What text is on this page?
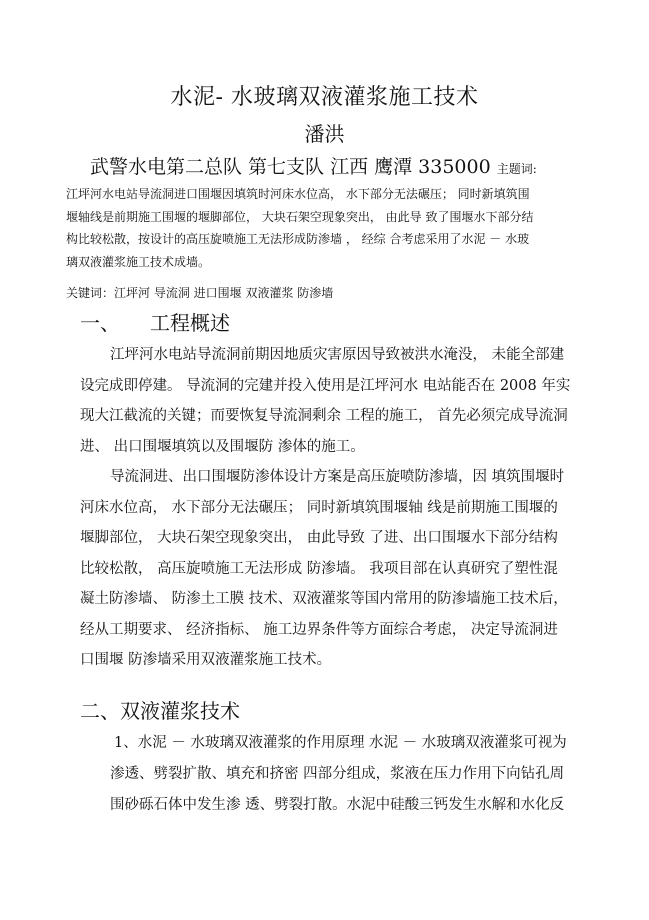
水泥- 水玻璃双液灌浆施工技术
潘洪
武警水电第二总队 第七支队 江西 鹰潭 335000 主题词:
江坪河水电站导流洞进口围堰因填筑时河床水位高， 水下部分无法碾压； 同时新填筑围
堰轴线是前期施工围堰的堰脚部位， 大块石架空现象突出， 由此导 致了围堰水下部分结
构比较松散，按设计的高压旋喷施工无法形成防渗墙 ， 经综 合考虑采用了水泥 － 水玻
璃双液灌浆施工技术成墙。
关键词：江坪河 导流洞 进口围堰 双液灌浆 防渗墙
一、 工程概述
江坪河水电站导流洞前期因地质灾害原因导致被洪水淹没， 未能全部建
设完成即停建。 导流洞的完建并投入使用是江坪河水 电站能否在 2008 年实
现大江截流的关键；而要恢复导流洞剩余 工程的施工， 首先必须完成导流洞
进、 出口围堰填筑以及围堰防 渗体的施工。
导流洞进、出口围堰防渗体设计方案是高压旋喷防渗墙，因 填筑围堰时
河床水位高， 水下部分无法碾压； 同时新填筑围堰轴 线是前期施工围堰的
堰脚部位， 大块石架空现象突出， 由此导致 了进、出口围堰水下部分结构
比较松散， 高压旋喷施工无法形成 防渗墙。 我项目部在认真研究了塑性混
凝土防渗墙、 防渗土工膜 技术、双液灌浆等国内常用的防渗墙施工技术后，
经从工期要求、 经济指标、 施工边界条件等方面综合考虑， 决定导流洞进
口围堰 防渗墙采用双液灌浆施工技术。
二、双液灌浆技术
1、水泥 － 水玻璃双液灌浆的作用原理 水泥 － 水玻璃双液灌浆可视为
渗透、劈裂扩散、填充和挤密 四部分组成，浆液在压力作用下向钻孔周
围砂砾石体中发生渗 透、劈裂打散。水泥中硅酸三钙发生水解和水化反
